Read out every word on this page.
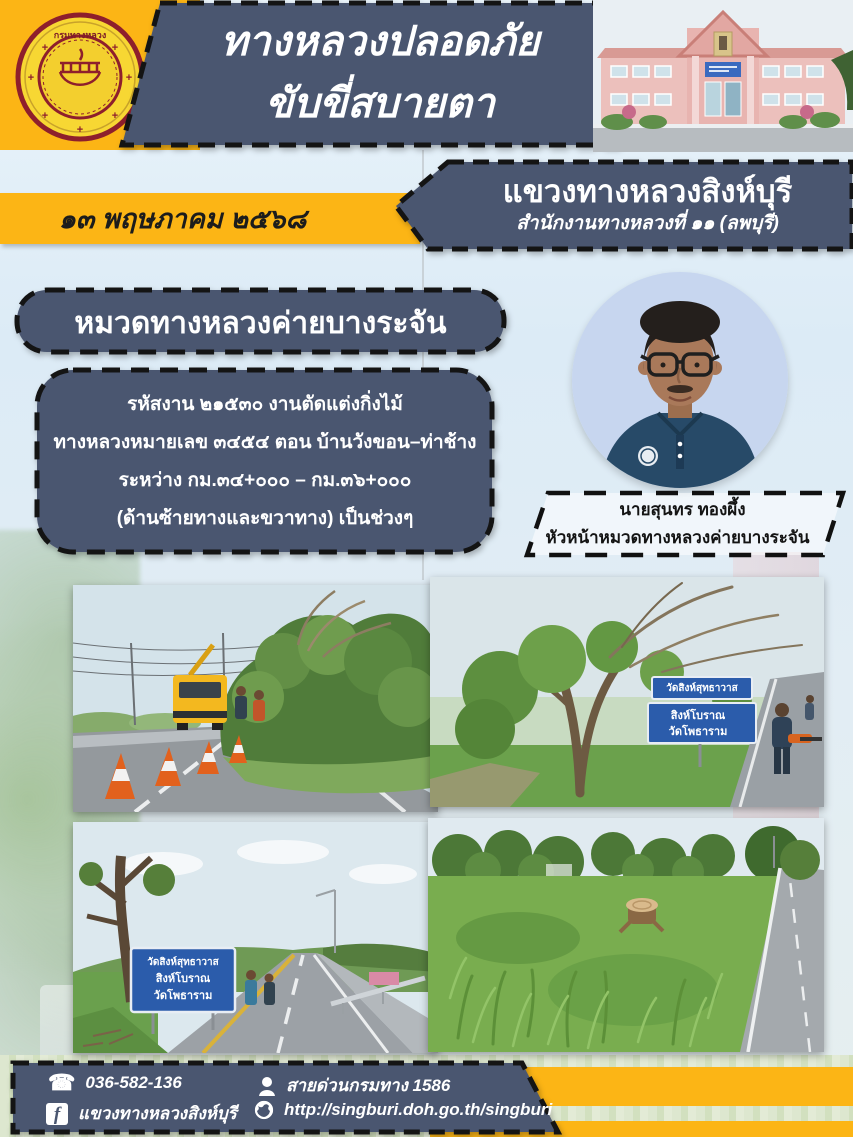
กรมทางหลวง
+	+
+	+
+	+
+
ทางหลวงปลอดภัย
ขับขี่สบายตา
๑๓ พฤษภาคม ๒๕๖๘
แขวงทางหลวงสิงห์บุรี
สำนักงานทางหลวงที่ ๑๑ (ลพบุรี)
หมวดทางหลวงค่ายบางระจัน
รหัสงาน ๒๑๕๓๐ งานตัดแต่งกิ่งไม้
ทางหลวงหมายเลข ๓๔๕๔ ตอน บ้านวังขอน–ท่าช้าง
ระหว่าง กม.๓๔+๐๐๐ – กม.๓๖+๐๐๐
(ด้านซ้ายทางและขวาทาง) เป็นช่วงๆ	นายสุนทร ทองผึ้ง
หัวหน้าหมวดทางหลวงค่ายบางระจัน
วัดสิงห์สุทธาวาส
สิงห์โบราณ
วัดโพธาราม
วัดสิงห์สุทธาวาส
สิงห์โบราณ
วัดโพธาราม
☎ 036-582-136	สายด่วนกรมทาง 1586
f	แขวงทางหลวงสิงห์บุรี	http://singburi.doh.go.th/singburi
